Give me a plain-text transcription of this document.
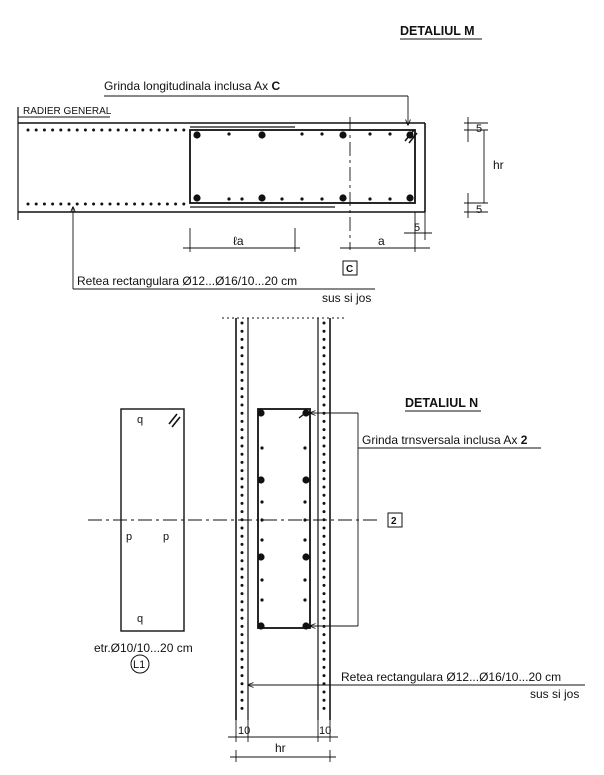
DETALIUL M
Grinda longitudinala inclusa Ax C
RADIER GENERAL
5
hr
5
5
ℓa	a
C
Retea rectangulara Ø12...Ø16/10...20 cm
sus si jos
DETALIUL N
2
Grinda trnsversala inclusa Ax 2
Retea rectangulara Ø12...Ø16/10...20 cm
sus si jos
10	10
hr
q
p	p
q
etr.Ø10/10...20 cm
L1
